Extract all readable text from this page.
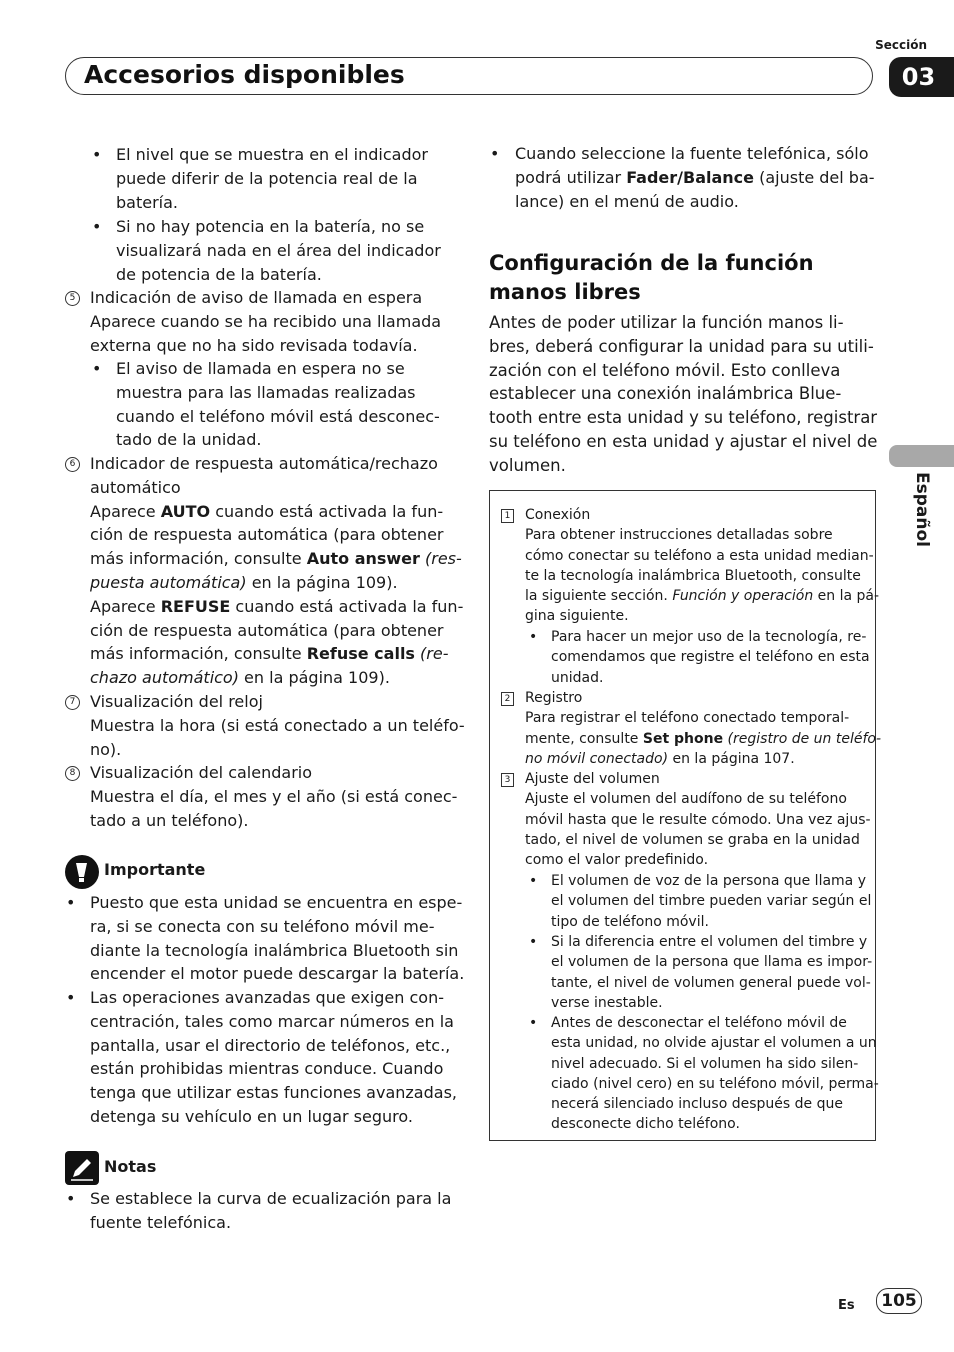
Sección
Accesorios disponibles	03
Español
• El nivel que se muestra en el indicador
puede diferir de la potencia real de la
batería.
• Si no hay potencia en la batería, no se
visualizará nada en el área del indicador
de potencia de la batería.
5 Indicación de aviso de llamada en espera
Aparece cuando se ha recibido una llamada
externa que no ha sido revisada todavía.
• El aviso de llamada en espera no se
muestra para las llamadas realizadas
cuando el teléfono móvil está desconec-
tado de la unidad.
6 Indicador de respuesta automática/rechazo
automático
Aparece AUTO cuando está activada la fun-
ción de respuesta automática (para obtener
más información, consulte Auto answer (res-
puesta automática) en la página 109).
Aparece REFUSE cuando está activada la fun-
ción de respuesta automática (para obtener
más información, consulte Refuse calls (re-
chazo automático) en la página 109).
7 Visualización del reloj
Muestra la hora (si está conectado a un teléfo-
no).
8 Visualización del calendario
Muestra el día, el mes y el año (si está conec-
tado a un teléfono).
Importante
• Puesto que esta unidad se encuentra en espe-
ra, si se conecta con su teléfono móvil me-
diante la tecnología inalámbrica Bluetooth sin
encender el motor puede descargar la batería.
• Las operaciones avanzadas que exigen con-
centración, tales como marcar números en la
pantalla, usar el directorio de teléfonos, etc.,
están prohibidas mientras conduce. Cuando
tenga que utilizar estas funciones avanzadas,
detenga su vehículo en un lugar seguro.
Notas
• Se establece la curva de ecualización para la
fuente telefónica.
• Cuando seleccione la fuente telefónica, sólo
podrá utilizar Fader/Balance (ajuste del ba-
lance) en el menú de audio.
Configuración de la función
manos libres
Antes de poder utilizar la función manos li-
bres, deberá configurar la unidad para su utili-
zación con el teléfono móvil. Esto conlleva
establecer una conexión inalámbrica Blue-
tooth entre esta unidad y su teléfono, registrar
su teléfono en esta unidad y ajustar el nivel de
volumen.
1 Conexión
Para obtener instrucciones detalladas sobre
cómo conectar su teléfono a esta unidad median-
te la tecnología inalámbrica Bluetooth, consulte
la siguiente sección. Función y operación en la pá-
gina siguiente.
• Para hacer un mejor uso de la tecnología, re-
comendamos que registre el teléfono en esta
unidad.
2 Registro
Para registrar el teléfono conectado temporal-
mente, consulte Set phone (registro de un teléfo-
no móvil conectado) en la página 107.
3 Ajuste del volumen
Ajuste el volumen del audífono de su teléfono
móvil hasta que le resulte cómodo. Una vez ajus-
tado, el nivel de volumen se graba en la unidad
como el valor predefinido.
• El volumen de voz de la persona que llama y
el volumen del timbre pueden variar según el
tipo de teléfono móvil.
• Si la diferencia entre el volumen del timbre y
el volumen de la persona que llama es impor-
tante, el nivel de volumen general puede vol-
verse inestable.
• Antes de desconectar el teléfono móvil de
esta unidad, no olvide ajustar el volumen a un
nivel adecuado. Si el volumen ha sido silen-
ciado (nivel cero) en su teléfono móvil, perma-
necerá silenciado incluso después de que
desconecte dicho teléfono.
Es	105
